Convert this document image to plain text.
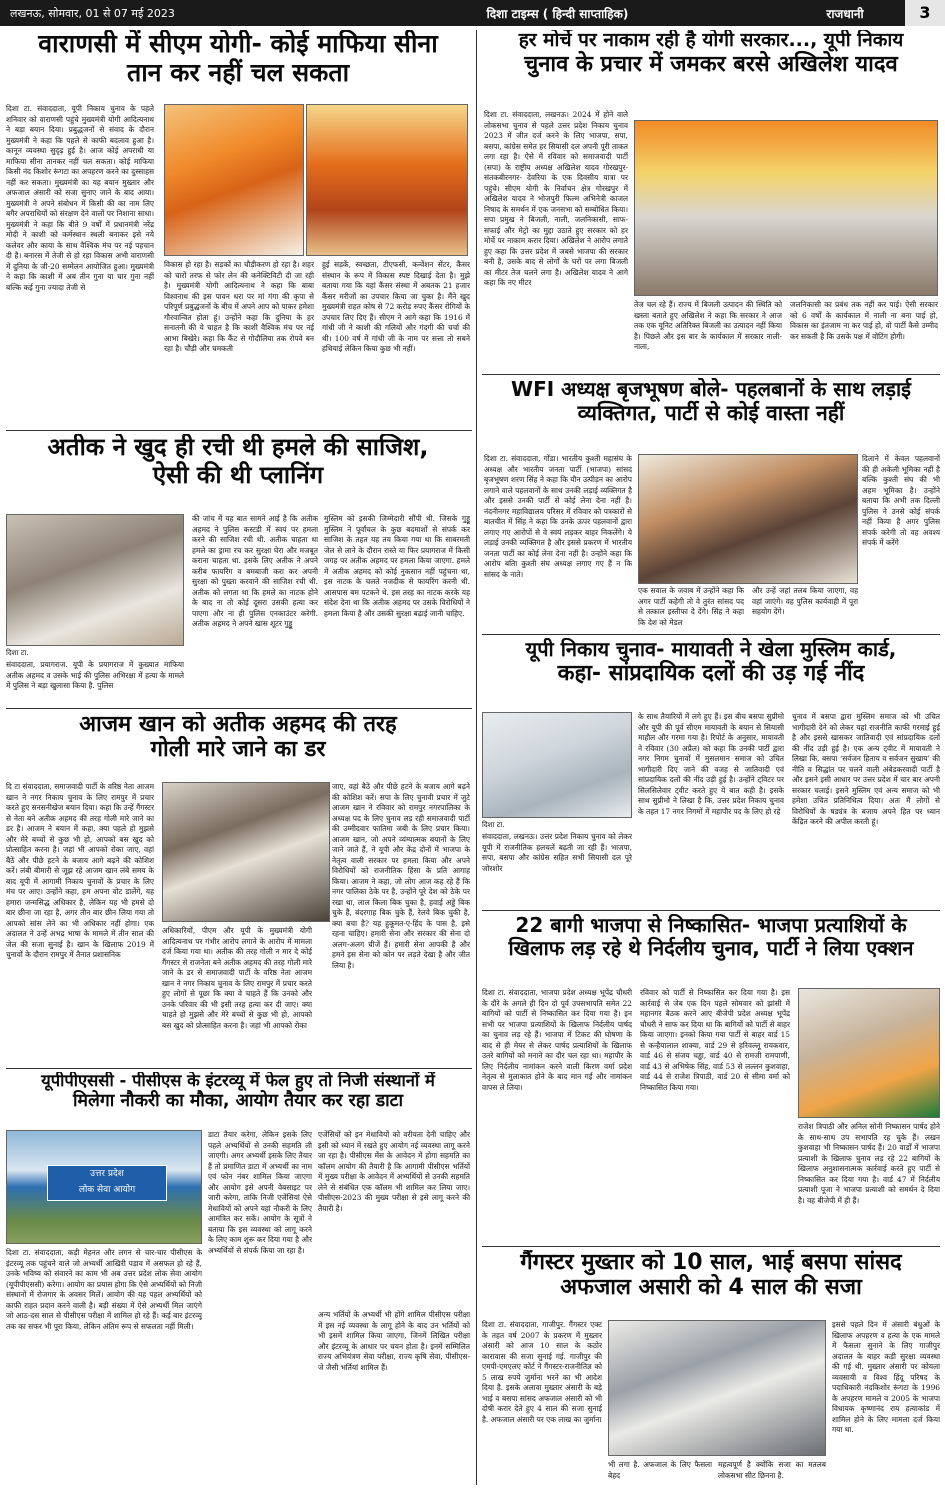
लखनऊ, सोमवार, 01 से 07 मई 2023	दिशा टाइम्स ( हिन्दी साप्ताहिक)	राजधानी	3
वाराणसी में सीएम योगी- कोई माफिया सीना
तान कर नहीं चल सकता
दिशा टा. संवाददाता, यूपी निकाय चुनाव के पहले शनिवार को वाराणसी पहुंचे मुख्यमंत्री योगी आदित्यनाथ ने बड़ा बयान दिया। प्रबुद्धजनों से संवाद के दौरान मुख्यमंत्री ने कहा कि पहले से काफी बदलाव हुआ है। कानून व्यवस्था सुदृढ़ हुई है। आज कोई अपराधी या माफिया सीना तानकर नहीं चल सकता। कोई माफिया किसी नंद किशोर रूंगटा का अपहरण करने का दुस्साहस नहीं कर सकता। मुख्यमंत्री का यह बयान मुख्तार और अफजाल अंसारी को सजा सुनाए जाने के बाद आया। मुख्यमंत्री ने अपने संबोधन में किसी की का नाम लिए बगैर अपराधियों को संरक्षण देने वालों पर निशाना साधा। मुख्यमंत्री ने कहा कि बीते 9 वर्षों में प्रधानमंत्री नरेंद्र मोदी ने काशी को कर्मस्थान स्थली बनाकर इसे नये कलेवर और काया के साथ वैश्विक मंच पर नई पहचान दी है। बनारस में तेजी से हो रहा विकास अभी वाराणसी में दुनिया के जी-20 सम्मेलन आयोजित हुआ। मुख्यमंत्री ने कहा कि काशी में अब तीन गुना या चार गुना नहीं बल्कि कई गुना ज्यादा तेजी से
विकास हो रहा है। सड़कों का चौड़ीकरण हो रहा है। शहर को चारों तरफ से फोर लेन की कनेक्टिविटी दी जा रही है। मुख्यमंत्री योगी आदित्यनाथ ने कहा कि बाबा विश्वनाथ की इस पावन धरा पर मां गंगा की कृपा से परिपूर्ण प्रबुद्धजनों के बीच में अपने आप को पाकर हमेशा गौरवान्वित होता हूं। उन्होंने कहा कि दुनिया के हर सनातनी की ये चाहत है कि काशी वैश्विक मंच पर नई आभा बिखेरे। कहा कि कैंट से गोदौलिया तक रोपवे बन रहा है। चौड़ी और चमकती
हुई सड़कें, स्वच्छता, टीएफसी, कन्वेंशन सेंटर, कैंसर संस्थान के रूप में विकास स्पष्ट दिखाई देता है। मुझे बताया गया कि यहां कैंसर संस्था में अबतक 21 हजार कैंसर मरीजों का उपचार किया जा चुका है। मैंने खुद मुख्यमंत्री राहत कोष से 72 करोड़ रुपए कैंसर रोगियों के उपचार लिए दिए हैं। सीएम ने आगे कहा कि 1916 में गांधी जी ने काशी की गलियों और गंदगी की चर्चा की थी। 100 वर्ष में गांधी जी के नाम पर सत्ता तो सबने हथियाई लेकिन किया कुछ भी नहीं।
हर मोर्चे पर नाकाम रही है योगी सरकार..., यूपी निकाय
चुनाव के प्रचार में जमकर बरसे अखिलेश यादव
दिशा टा. संवाददाता, लखनऊ। 2024 में होने वाले लोकसभा चुनाव से पहले उत्तर प्रदेश निकाय चुनाव 2023 में जीत दर्ज करने के लिए भाजपा, सपा, बसपा, कांग्रेस समेत हर सियासी दल अपनी पूरी ताकत लगा रहा है। ऐसे में रविवार को समाजवादी पार्टी (सपा) के राष्ट्रीय अध्यक्ष अखिलेश यादव गोरखपुर-संतकबीरनगर- देवरिया के एक दिवसीय यात्रा पर पहुंचे। सीएम योगी के निर्वाचन क्षेत्र गोरखपुर में अखिलेश यादव ने भोजपुरी फिल्म अभिनेत्री काजल निषाद के समर्थन में एक जनसभा को सम्बोधित किया। सपा प्रमुख ने बिजली, नाली, जलनिकासी, साफ-सफाई और मेट्रो का मुद्दा उठाते हुए सरकार को हर मोर्चे पर नाकाम करार दिया। अखिलेश ने आरोप लगाते हुए कहा कि उत्तर प्रदेश में जबसे भाजपा की सरकार बनी है, उसके बाद से लोगों के घरों पर लगा बिजली का मीटर तेज चलने लगा है। अखिलेश यादव ने आगे कहा कि नए मीटर
तेज चल रहे हैं। राज्य में बिजली उत्पादन की स्थिति को खस्ता बताते हुए अखिलेश ने कहा कि सरकार ने आज तक एक यूनिट अतिरिक्त बिजली का उत्पादन नहीं किया है। पिछले और इस बार के कार्यकाल में सरकार नाली-नाला,
जलनिकासी का प्रबंध तक नहीं कर पाई। ऐसी सरकार को 6 वर्षों के कार्यकाल में नाली ना बना पाई हो, विकास का इंतजाम ना कर पाई हो, वो पार्टी कैसे उम्मीद कर सकती है कि उसके पक्ष में वोटिंग होगी।
अतीक ने खुद ही रची थी हमले की साजिश,
ऐसी की थी प्लानिंग
दिशा टा.
संवाददाता, प्रयागराज. यूपी के प्रयागराज में कुख्यात माफिया अतीक अहमद व उसके भाई की पुलिस अभिरक्षा में हत्या के मामले में पुलिस ने बड़ा खुलासा किया है. पुलिस
की जांच में यह बात सामने आई है कि अतीक अहमद ने पुलिस कस्टडी में स्वयं पर हमला करने की साजिश रची थी. अतीक चाहता था हमले का ड्रामा रच कर सुरक्षा घेरा और मजबूत कराना चाहता था. इसके लिए अतीक ने अपने करीब फायरिंग व बमबाजी करा कर अपनी सुरक्षा को पुख्ता करवाने की साजिश रची थी. अतीक को लगता था कि हमले का नाटक होने के बाद ना तो कोई दूसरा उसकी हत्या कर पाएगा और ना ही पुलिस एनकाउंटर करेगी. अतीक अहमद ने अपने खास शूटर गुड्डू
मुस्लिम को इसकी जिम्मेदारी सौंपी थी. जिसके गुड्डू मुस्लिम ने पूर्वांचल के कुछ बदमाशों से संपर्क कर साजिश के तहत यह तय किया गया था कि साबरमती जेल से लाने के दौरान रास्ते या फिर प्रयागराज में किसी जगह पर अतीक अहमद पर हमला किया जाएगा. हमले में अतीक अहमद को कोई नुकसान नहीं पहुंचना था, इस नाटक के चलते नजदीक से फायरिंग करनी थी. आसपास बम पटकने थे. इस तरह का नाटक करके यह संदेश देना था कि अतीक अहमद पर उसके विरोधियों ने हमला किया है और उसकी सुरक्षा बढ़ाई जानी चाहिए.
WFI अध्यक्ष बृजभूषण बोले- पहलबानों के साथ लड़ाई
व्यक्तिगत, पार्टी से कोई वास्ता नहीं
दिशा टा. संवाददाता, गोंडा। भारतीय कुश्ती महासंघ के अध्यक्ष और भारतीय जनता पार्टी (भाजपा) सांसद बृजभूषण शरण सिंह ने कहा कि यौन उत्पीड़न का आरोप लगाने वाले पहलवानों के साथ उनकी लड़ाई व्यक्तिगत है और इससे उनकी पार्टी से कोई लेना देना नहीं है। नंदनीनगर महाविद्यालय परिसर में रविवार को पत्रकारों से बातचीत में सिंह ने कहा कि उनके ऊपर पहलवानों द्वारा लगाए गए आरोपों से वे स्वयं लड़कर बाहर निकलेंगे। ये लड़ाई उनकी व्यक्तिगत है और इससे प्रकरण में भारतीय जनता पार्टी का कोई लेना देना नहीं है। उन्होंने कहा कि आरोप बताि कुश्ती संघ अध्यक्ष लगाए गए हैं न कि सांसद के नाते।
एक सवाल के जवाब में उन्होंने कहा कि अगर पार्टी कहेगी तो वे तुरंत सांसद पद से तत्काल इस्तीफा दे देंगे। सिंह ने कहा कि देश को मेडल
और उन्हें जहां तलब किया जाएगा, वह वहां जाएंगे। वह पुलिस कार्यवाही में पूरा सहयोग देंगे।
दिलाने में केवल पहलवानों की ही अकेली भूमिका नहीं है बल्कि कुश्ती संघ की भी अहम भूमिका है। उन्होंने बताया कि अभी तक दिल्ली पुलिस ने उनसे कोई संपर्क नहीं किया है अगर पुलिस संपर्क करेगी तो वह अवश्य संपर्क में करेंगे
यूपी निकाय चुनाव- मायावती ने खेला मुस्लिम कार्ड,
कहा- सांप्रदायिक दलों की उड़ गई नींद
दिशा टा.
संवाददाता, लखनऊ। उत्तर प्रदेश निकाय चुनाव को लेकर यूपी में राजनीतिक हलचलें बढ़ती जा रही हैं। भाजपा, सपा, बसपा और कांग्रेस सहित सभी सियासी दल पूरे जोरशोर
के साथ तैयारियों में लगे हुए हैं। इस बीच बसपा सुप्रीमो और यूपी की पूर्व सीएम मायावती के बयान से सियासी माहौल और गरमा गया है। रिपोर्ट के अनुसार, मायावती ने रविवार (30 अप्रैल) को कहा कि उनकी पार्टी द्वारा नगर निगम चुनावों में मुसलमान समाज को उचित भागीदारी दिए जाने की वजह से जातिवादी एवं सांप्रदायिक दलों की नींद उड़ी हुई है। उन्होंने ट्विटर पर सिलसिलेवार ट्वीट करते हुए ये बात कही है। इसके साथ सुप्रीमो ने लिखा है कि, उत्तर प्रदेश निकाय चुनाव के तहत 17 नगर निगमों में महापौर पद के लिए हो रहे
चुनाव में बसपा द्वारा मुस्लिम समाज को भी उचित भागीदारी देने को लेकर यहां राजनीति काफी गरमाई हुई है और इससे खासकर जातिवादी एवं सांप्रदायिक दलों की नींद उड़ी हुई है। एक अन्य ट्वीट में मायावती ने लिखा कि, बसपा ‘सर्वजन हिताय व सर्वजन सुखाय’ की नीति व सिद्धांत पर चलने वाली अंबेडकरवादी पार्टी है और इसने इसी आधार पर उत्तर प्रदेश में चार बार अपनी सरकार चलाई। इसने मुस्लिम एवं अन्य समाज को भी हमेशा उचित प्रतिनिधित्व दिया। अतः मैं लोगों से विरोधियों के षड्यंत्र के बजाय अपने हित पर ध्यान केंद्रित करने की अपील करती हूं।
आजम खान को अतीक अहमद की तरह
गोली मारे जाने का डर
दि टा संवाददाता, समाजवादी पार्टी के वरिष्ठ नेता आजम खान ने नगर निकाय चुनाव के लिए रामपुर में प्रचार करते हुए सनसनीखेज बयान दिया। कहा कि उन्हें गैंगस्टर से नेता बने अतीक अहमद की तरह गोली मारे जाने का डर है। आजम ने बयान में कहा, क्या पहले हो मुझसे और मेरे बच्चों से कुछ भी हो, आपको बस खुद को प्रोत्साहित करना है। जहां भी आपको रोका जाए, वहां बैठें और पीछे हटने के बजाय आगे बढ़ने की कोशिश करें। लंबी बीमारी से जूझ रहे आजम खान लंबे समय के बाद यूपी में आगामी निकाय चुनावों के प्रचार के लिए मंच पर आए। उन्होंने कहा, हम अपना वोट डालेंगे, यह हमारा जन्मसिद्ध अधिकार है, लेकिन यह भी हमसे दो बार छीना जा रहा है, अगर तीन बार छीन लिया गया तो आपको सांस लेने का भी अधिकार नहीं होगा। एक अदालत ने उन्हें अभद्र भाषा के मामले में तीन साल की जेल की सजा सुनाई है। खान के खिलाफ 2019 में चुनावों के दौरान रामपुर में तैनात प्रशासनिक
अधिकारियों, पीएम और यूपी के मुख्यमंत्री योगी आदित्यनाथ पर गंभीर आरोप लगाने के आरोप में मामला दर्ज किया गया था। अतीक की तरह गोली न मार दे कोई गैंगस्टर से राजनेता बने अतीक अहमद की तरह गोली मारे जाने के डर से समाजवादी पार्टी के वरिष्ठ नेता आजम खान ने नगर निकाय चुनाव के लिए रामपुर में प्रचार करते हुए लोगों से पूछा कि क्या वे चाहते हैं कि उनको और उनके परिवार की भी इसी तरह हत्या कर दी जाए। क्या चाहते हो मुझसे और मेरे बच्चों से कुछ भी हो, आपको बस खुद को प्रोत्साहित करना है। जहां भी आपको रोका
जाए, वहां बैठें और पीछे हटने के बजाय आगे बढ़ने की कोशिश करें। सपा के लिए चुनावी प्रचार में जुटे आजम खान ने रविवार को रामपुर नगरपालिका के अध्यक्ष पद के लिए चुनाव लड़ रही समाजवादी पार्टी की उम्मीदवार फातिमा जबी के लिए प्रचार किया। आजम खान, जो अपने व्यंग्यात्मक बयानों के लिए जाने जाते हैं, ने यूपी और केंद्र दोनों में भाजपा के नेतृत्व वाली सरकार पर हमला किया और अपने विरोधियों को राजनीतिक हिंसा के प्रति आगाह किया। आजम ने कहा, जो लोग आज कह रहे हैं कि नगर पालिका ठेके पर है, उन्होंने पूरे देश को ठेके पर रखा था, लाल किला बिक चुका है, हवाई अड्डे बिक चुके हैं, बंदरगाह बिक चुके हैं, रेलवे बिक चुकी है, क्या बचा है? यह हुकूमत-ए-हिंद के पास है, इसे रहना चाहिए। हमारी सेना और सरकार की सेना दो अलग-अलग चीजें हैं। हमारी सेना आपकी है और हमने इस सेना को कोन पर लड़ते देखा है और जीत लिया है।
22 बागी भाजपा से निष्कासित- भाजपा प्रत्याशियों के
खिलाफ लड़ रहे थे निर्दलीय चुनाव, पार्टी ने लिया एक्शन
दिशा टा. संवाददाता, भाजपा प्रदेश अध्यक्ष भूपेंद्र चौधरी के दौरे के अगले ही दिन दो पूर्व उपसभापति समेत 22 बागियों को पार्टी से निष्कासित कर दिया गया है। इन सभी पर भाजपा प्रत्याशियों के खिलाफ निर्दलीय पार्षद का चुनाव लड़ रहे हैं। भाजपा में टिकट की घोषणा के बाद से ही मेयर से लेकर पार्षद प्रत्याशियों के खिलाफ उतरे बागियों को मनाने का दौर चल रहा था। महापौर के लिए निर्दलीय नामांकन करने वाली किरण वर्मा प्रदेश नेतृत्व से मुलाकात होने के बाद मान गईं और नामांकन वापस ले लिया।
रविवार को पार्टी से निष्कासित कर दिया गया है। इस कार्रवाई से जेब एक दिन पहले सोमवार को झांसी में महानगर बैठक करने आए बीजेपी प्रदेश अध्यक्ष भूपेंद्र चौधरी ने साफ कर दिया था कि बागियों को पार्टी से बाहर किया जाएगा। इनको किया गया पार्टी से बाहर वार्ड 15 से कन्हैयालाल शाक्या, वार्ड 29 से हरिवल्लू रायकवार, वार्ड 46 से संजय चड्ढा, वार्ड 40 से रामजी रामपाणी, वार्ड 43 से अभिषेक सिंह, वार्ड 53 से लल्लन कुशवाहा, वार्ड 44 से राजेश त्रिपाठी, वार्ड 20 से सीमा वर्मा को निष्कासित किया गया।
राजेश त्रिपाठी और अनिल सोनी निष्कासन पार्षद होने के साथ-साथ उप सभापति रह चुके हैं। लखन कुशवाहा भी निष्कासन पार्षद हैं। 20 वार्डों में भाजपा प्रत्याशी के खिलाफ चुनाव लड़ रहे 22 बागियों के खिलाफ अनुशासनात्मक कार्रवाई करते हुए पार्टी से निष्कासित कर दिया गया है। वार्ड 47 में निर्दलीय प्रत्याशी पूजा ने भाजपा प्रत्याशी को समर्थन दे दिया है। वह बीजेपी में ही हैं।
यूपीपीएससी - पीसीएस के इंटरव्यू में फेल हुए तो निजी संस्थानों में
मिलेगा नौकरी का मौका, आयोग तैयार कर रहा डाटा
उत्तर प्रदेश
लोक सेवा आयोग
दिशा टा. संवाददाता, कड़ी मेहनत और लगन से चार-चार पीसीएस के इंटरव्यू तक पहुंचने वाले जो अभ्यर्थी आखिरी पड़ाव में असफल हो रहे हैं, उनके भविष्य को संवारने का काम भी अब उत्तर प्रदेश लोक सेवा आयोग (यूपीपीएससी) करेगा। आयोग का प्रयास होगा कि ऐसे अभ्यर्थियों को निजी संस्थानों में रोजगार के अवसर मिलें। आयोग की यह पहल अभ्यर्थियों को काफी राहत प्रदान करने वाली है। बड़ी संख्या में ऐसे अभ्यर्थी मिल जाएंगे जो आठ-दस साल से पीसीएस परीक्षा में शामिल हो रहे हैं। कई बार इंटरव्यू तक का सफर भी पूरा किया, लेकिन अंतिम रूप से सफलता नहीं मिली।
डाटा तैयार करेगा, लेकिन इसके लिए पहले अभ्यर्थियों से उनकी सहमति ली जाएगी। अगर अभ्यर्थी इसके लिए तैयार हैं तो प्रमाणित डाटा में अभ्यर्थी का नाम एवं फोन नंबर शामिल किया जाएगा और आयोग इसे अपनी वेबसाइट पर जारी करेगा, ताकि निजी एजेंसियां ऐसे मेधावियों को अपने यहां नौकरी के लिए आमंत्रित कर सकें। आयोग के सूत्रों ने बताया कि इस व्यवस्था को लागू करने के लिए काम शुरू कर दिया गया है और अभ्यर्थियों से संपर्क किया जा रहा है।
एजेंसियों को इन मेधावियों को वरीयता देनी चाहिए और इसी को ध्यान में रखते हुए आयोग नई व्यवस्था लागू करने जा रहा है। पीसीएस मेंस के आवेदन में होगा सहमति का कॉलम आयोग की तैयारी है कि आगामी पीसीएस भर्तियों में मुख्य परीक्षा के आवेदन में अभ्यर्थियों से उनकी सहमति लेने से संबंधित एक कॉलम भी शामिल कर लिया जाए। पीसीएस-2023 की मुख्य परीक्षा से इसे लागू करने की तैयारी है।
अन्य भर्तियों के अभ्यर्थी भी होंगे शामिल पीसीएस परीक्षा में इस नई व्यवस्था के लागू होने के बाद उन भर्तियों को भी इसमें शामिल किया जाएगा, जिनमें लिखित परीक्षा और इंटरव्यू के आधार पर चयन होता है। इनमें सम्मिलित राज्य अभियंत्रण सेवा परीक्षा, राज्य कृषि सेवा, पीसीएस-जे जैसी भर्तियां शामिल हैं।
गैंगस्टर मुख्तार को 10 साल, भाई बसपा सांसद
अफजाल असारी को 4 साल की सजा
दिशा टा. संवाददाता, गाजीपुर. गैंगस्टर एक्ट के तहत वर्ष 2007 के प्रकरण में मुख्तार अंसारी को आज 10 साल के कठोर कारावास की सजा सुनाई गई. गाजीपुर की एमपी-एमएलए कोर्ट ने गैंगस्टर-राजनीतिज्ञ को 5 लाख रुपये जुर्माना भरने का भी आदेश दिया है. इसके अलावा मुख्तार अंसारी के बड़े भाई व बसपा सांसद अफजाल अंसारी को भी दोषी करार देते हुए 4 साल की सजा सुनाई है. अफजाल अंसारी पर एक लाख का जुर्माना
भी लगा है. अफजाल के लिए फैसला बेहद
महत्वपूर्ण है क्योंकि सजा का मतलब लोकसभा सीट छिनना है.
इससे पहले दिन में अंसारी बंधुओं के खिलाफ अपहरण व हत्या के एक मामले में फैसला सुनाने के लिए गाजीपुर अदालत के बाहर कड़ी सुरक्षा व्यवस्था की गई थी. मुख्तार अंसारी पर कोयला व्यवसायी व विश्व हिंदू परिषद के पदाधिकारी नंदकिशोर रूंगटा के 1996 के अपहरण मामले व 2005 के भाजपा विधायक कृष्णानंद राय हत्याकांड में शामिल होने के लिए मामला दर्ज किया गया था.
